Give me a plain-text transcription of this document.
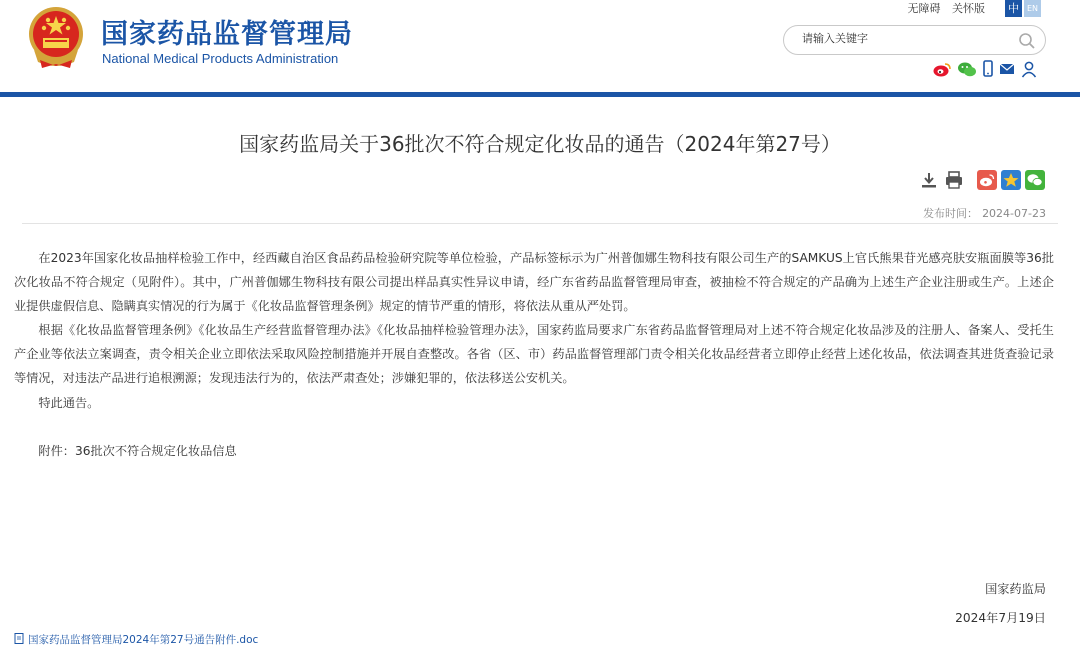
国家药品监督管理局
National Medical Products Administration
无障碍 关怀版 中 EN
请输入关键字
国家药监局关于36批次不符合规定化妆品的通告（2024年第27号）
发布时间： 2024-07-23

在2023年国家化妆品抽样检验工作中，经西藏自治区食品药品检验研究院等单位检验，产品标签标示为广州普伽娜生物科技有限公司生产的SAMKUS上官氏熊果苷光感亮肤安瓶面膜等36批次化妆品不符合规定（见附件）。其中，广州普伽娜生物科技有限公司提出样品真实性异议申请，经广东省药品监督管理局审查，被抽检不符合规定的产品确为上述生产企业注册或生产。上述企业提供虚假信息、隐瞒真实情况的行为属于《化妆品监督管理条例》规定的情节严重的情形，将依法从重从严处罚。

根据《化妆品监督管理条例》《化妆品生产经营监督管理办法》《化妆品抽样检验管理办法》，国家药监局要求广东省药品监督管理局对上述不符合规定化妆品涉及的注册人、备案人、受托生产企业等依法立案调查，责令相关企业立即依法采取风险控制措施并开展自查整改。各省（区、市）药品监督管理部门责令相关化妆品经营者立即停止经营上述化妆品，依法调查其进货查验记录等情况，对违法产品进行追根溯源；发现违法行为的，依法严肃查处；涉嫌犯罪的，依法移送公安机关。

特此通告。

附件：36批次不符合规定化妆品信息

国家药监局
2024年7月19日
国家药品监督管理局2024年第27号通告附件.doc
